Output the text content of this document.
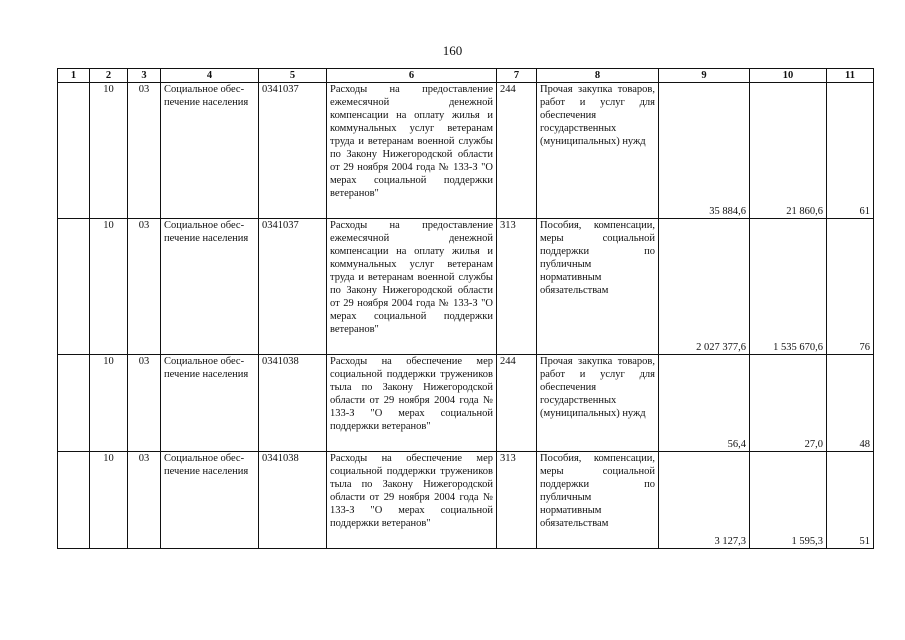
160
1	2	3	4	5	6	7	8	9	10	11
	10	03	Социальное обес-печение населения	0341037	Расходы на предоставление ежемесячной денежной компенсации на оплату жилья и коммунальных услуг ветеранам труда и ветеранам военной службы по Закону Нижегородской области от 29 ноября 2004 года № 133-З "О мерах социальной поддержки ветеранов"	244	Прочая закупка товаров, работ и услуг для обеспечения государственных (муниципальных) нужд	35 884,6	21 860,6	61
	10	03	Социальное обес-печение населения	0341037	Расходы на предоставление ежемесячной денежной компенсации на оплату жилья и коммунальных услуг ветеранам труда и ветеранам военной службы по Закону Нижегородской области от 29 ноября 2004 года № 133-З "О мерах социальной поддержки ветеранов"	313	Пособия, компенсации, меры социальной поддержки по публичным нормативным обязательствам	2 027 377,6	1 535 670,6	76
	10	03	Социальное обес-печение населения	0341038	Расходы на обеспечение мер социальной поддержки тружеников тыла по Закону Нижегородской области от 29 ноября 2004 года № 133-З "О мерах социальной поддержки ветеранов"	244	Прочая закупка товаров, работ и услуг для обеспечения государственных (муниципальных) нужд	56,4	27,0	48
	10	03	Социальное обес-печение населения	0341038	Расходы на обеспечение мер социальной поддержки тружеников тыла по Закону Нижегородской области от 29 ноября 2004 года № 133-З "О мерах социальной поддержки ветеранов"	313	Пособия, компенсации, меры социальной поддержки по публичным нормативным обязательствам	3 127,3	1 595,3	51
